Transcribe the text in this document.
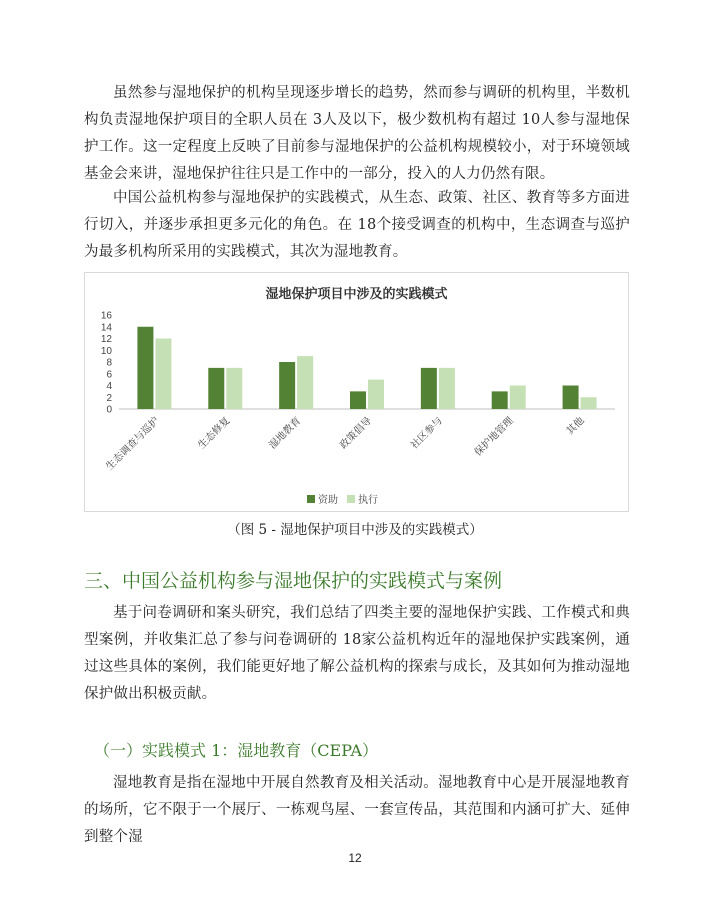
虽然参与湿地保护的机构呈现逐步增长的趋势，然而参与调研的机构里，半数机构负责湿地保护项目的全职人员在 3人及以下，极少数机构有超过 10人参与湿地保护工作。这一定程度上反映了目前参与湿地保护的公益机构规模较小，对于环境领域基金会来讲，湿地保护往往只是工作中的一部分，投入的人力仍然有限。

中国公益机构参与湿地保护的实践模式，从生态、政策、社区、教育等多方面进行切入，并逐步承担更多元化的角色。在 18个接受调查的机构中，生态调查与巡护为最多机构所采用的实践模式，其次为湿地教育。

湿地保护项目中涉及的实践模式
0
2
4
6
8
10
12
14
16
生态调查与巡护	生态修复	湿地教育	政策倡导	社区参与	保护地管理	其他
资助 执行
（图 5 - 湿地保护项目中涉及的实践模式）
三、中国公益机构参与湿地保护的实践模式与案例

基于问卷调研和案头研究，我们总结了四类主要的湿地保护实践、工作模式和典型案例，并收集汇总了参与问卷调研的 18家公益机构近年的湿地保护实践案例，通过这些具体的案例，我们能更好地了解公益机构的探索与成长，及其如何为推动湿地保护做出积极贡献。

（一）实践模式 1：湿地教育（CEPA）

湿地教育是指在湿地中开展自然教育及相关活动。湿地教育中心是开展湿地教育的场所，它不限于一个展厅、一栋观鸟屋、一套宣传品，其范围和内涵可扩大、延伸到整个湿

12
